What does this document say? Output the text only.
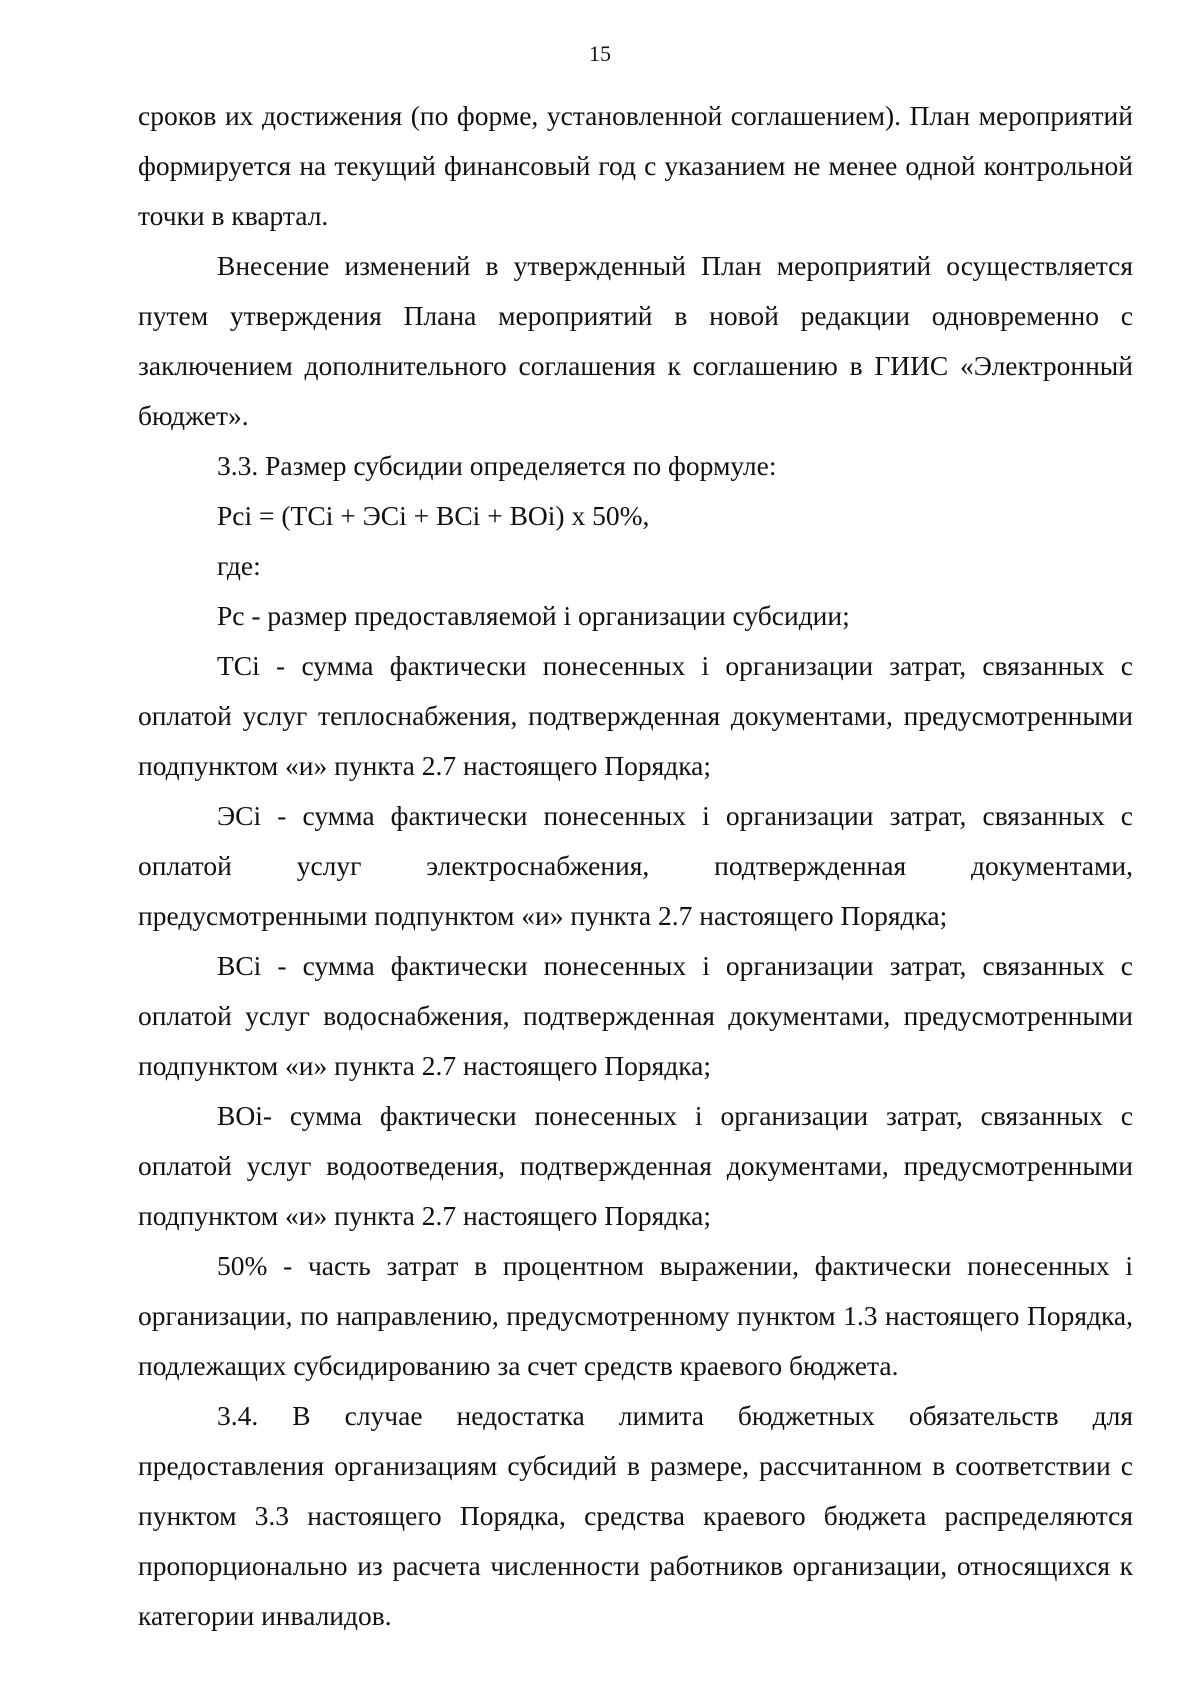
15

сроков их достижения (по форме, установленной соглашением). План мероприятий формируется на текущий финансовый год с указанием не менее одной контрольной точки в квартал.

Внесение изменений в утвержденный План мероприятий осуществляется путем утверждения Плана мероприятий в новой редакции одновременно с заключением дополнительного соглашения к соглашению в ГИИС «Электронный бюджет».

3.3. Размер субсидии определяется по формуле:

Pci = (TCi + ЭCi + BCi + BOi) x 50%,

где:

Pc - размер предоставляемой i организации субсидии;

TCi - сумма фактически понесенных i организации затрат, связанных с оплатой услуг теплоснабжения, подтвержденная документами, предусмотренными подпунктом «и» пункта 2.7 настоящего Порядка;

ЭCi - сумма фактически понесенных i организации затрат, связанных с оплатой услуг электроснабжения, подтвержденная документами, предусмотренными подпунктом «и» пункта 2.7 настоящего Порядка;

BCi - сумма фактически понесенных i организации затрат, связанных с оплатой услуг водоснабжения, подтвержденная документами, предусмотренными подпунктом «и» пункта 2.7 настоящего Порядка;

BOi- сумма фактически понесенных i организации затрат, связанных с оплатой услуг водоотведения, подтвержденная документами, предусмотренными подпунктом «и» пункта 2.7 настоящего Порядка;

50% - часть затрат в процентном выражении, фактически понесенных i организации, по направлению, предусмотренному пунктом 1.3 настоящего Порядка, подлежащих субсидированию за счет средств краевого бюджета.

3.4. В случае недостатка лимита бюджетных обязательств для предоставления организациям субсидий в размере, рассчитанном в соответствии с пунктом 3.3 настоящего Порядка, средства краевого бюджета распределяются пропорционально из расчета численности работников организации, относящихся к категории инвалидов.
